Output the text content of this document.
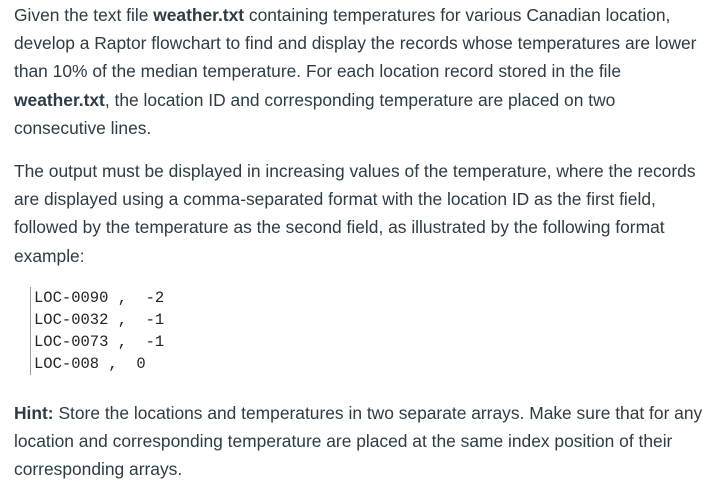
Given the text file weather.txt containing temperatures for various Canadian location, develop a Raptor flowchart to find and display the records whose temperatures are lower than 10% of the median temperature. For each location record stored in the file weather.txt, the location ID and corresponding temperature are placed on two consecutive lines.

The output must be displayed in increasing values of the temperature, where the records are displayed using a comma-separated format with the location ID as the first field, followed by the temperature as the second field, as illustrated by the following format example:

LOC-0090 ,  -2
LOC-0032 ,  -1
LOC-0073 ,  -1
LOC-008 ,  0

Hint: Store the locations and temperatures in two separate arrays. Make sure that for any location and corresponding temperature are placed at the same index position of their corresponding arrays.
